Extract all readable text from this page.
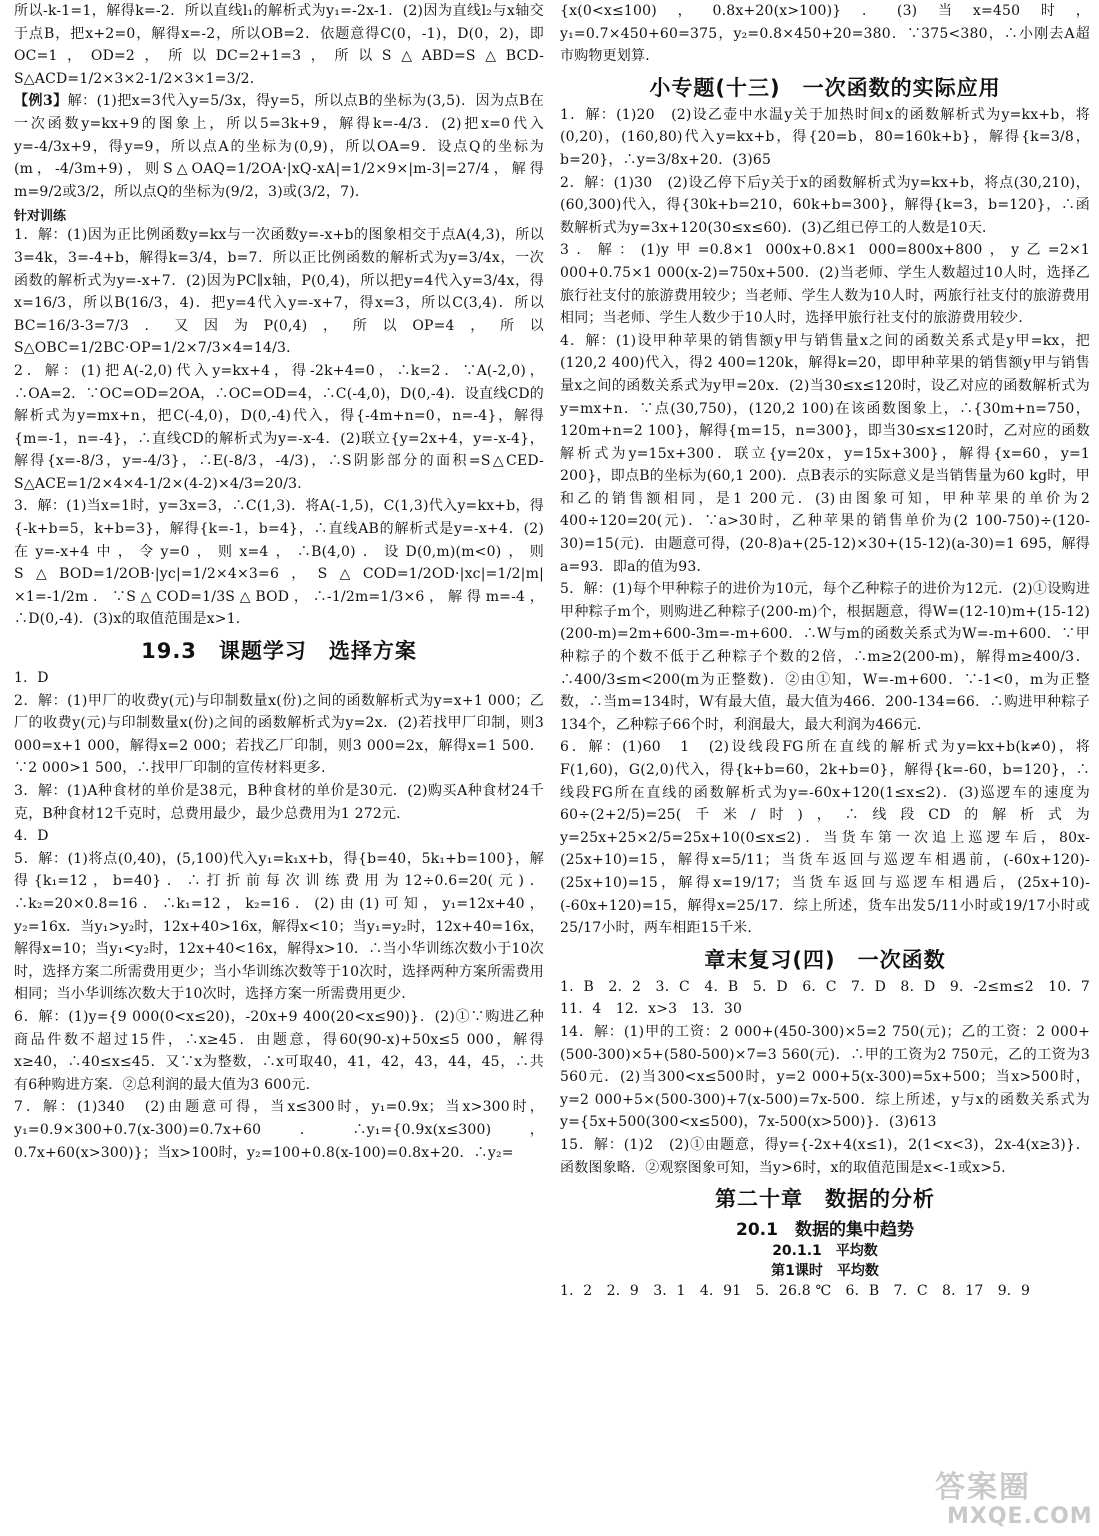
所以-k-1=1，解得k=-2．所以直线l₁的解析式为y₁=-2x-1．(2)因为直线l₂与x轴交于点B，把x+2=0，解得x=-2，所以OB=2．依题意得C(0，-1)，D(0，2)，即OC=1，OD=2，所以DC=2+1=3，所以S△ABD=S△BCD-S△ACD=1/2×3×2-1/2×3×1=3/2．

【例3】解：(1)把x=3代入y=5/3x，得y=5，所以点B的坐标为(3,5)．因为点B在一次函数y=kx+9的图象上，所以5=3k+9，解得k=-4/3．(2)把x=0代入y=-4/3x+9，得y=9，所以点A的坐标为(0,9)，所以OA=9．设点Q的坐标为(m，-4/3m+9)，则S△OAQ=1/2OA·|xQ-xA|=1/2×9×|m-3|=27/4，解得m=9/2或3/2，所以点Q的坐标为(9/2，3)或(3/2，7)．

针对训练

1．解：(1)因为正比例函数y=kx与一次函数y=-x+b的图象相交于点A(4,3)，所以3=4k，3=-4+b，解得k=3/4，b=7．所以正比例函数的解析式为y=3/4x，一次函数的解析式为y=-x+7．(2)因为PC∥x轴，P(0,4)，所以把y=4代入y=3/4x，得x=16/3，所以B(16/3，4)．把y=4代入y=-x+7，得x=3，所以C(3,4)．所以BC=16/3-3=7/3．又因为P(0,4)，所以OP=4，所以S△OBC=1/2BC·OP=1/2×7/3×4=14/3．

2．解：(1)把A(-2,0)代入y=kx+4，得-2k+4=0，∴k=2．∵A(-2,0)，∴OA=2．∵OC=OD=2OA，∴OC=OD=4，∴C(-4,0)，D(0,-4)．设直线CD的解析式为y=mx+n，把C(-4,0)，D(0,-4)代入，得{-4m+n=0，n=-4}，解得{m=-1，n=-4}，∴直线CD的解析式为y=-x-4．(2)联立{y=2x+4，y=-x-4}，解得{x=-8/3，y=-4/3}，∴E(-8/3，-4/3)，∴S阴影部分的面积=S△CED-S△ACE=1/2×4×4-1/2×(4-2)×4/3=20/3．

3．解：(1)当x=1时，y=3x=3，∴C(1,3)．将A(-1,5)，C(1,3)代入y=kx+b，得{-k+b=5，k+b=3}，解得{k=-1，b=4}，∴直线AB的解析式是y=-x+4．(2)在y=-x+4中，令y=0，则x=4，∴B(4,0)．设D(0,m)(m<0)，则S△BOD=1/2OB·|yc|=1/2×4×3=6，S△COD=1/2OD·|xc|=1/2|m|×1=-1/2m．∵S△COD=1/3S△BOD，∴-1/2m=1/3×6，解得m=-4，∴D(0,-4)．(3)x的取值范围是x>1．

19.3　课题学习　选择方案

1．D

2．解：(1)甲厂的收费y(元)与印制数量x(份)之间的函数解析式为y=x+1 000；乙厂的收费y(元)与印制数量x(份)之间的函数解析式为y=2x．(2)若找甲厂印制，则3 000=x+1 000，解得x=2 000；若找乙厂印制，则3 000=2x，解得x=1 500．∵2 000>1 500，∴找甲厂印制的宣传材料更多．

3．解：(1)A种食材的单价是38元，B种食材的单价是30元．(2)购买A种食材24千克，B种食材12千克时，总费用最少，最少总费用为1 272元．

4．D

5．解：(1)将点(0,40)，(5,100)代入y₁=k₁x+b，得{b=40，5k₁+b=100}，解得{k₁=12，b=40}．∴打折前每次训练费用为12÷0.6=20(元)．∴k₂=20×0.8=16．∴k₁=12，k₂=16．(2)由(1)可知，y₁=12x+40，y₂=16x．当y₁>y₂时，12x+40>16x，解得x<10；当y₁=y₂时，12x+40=16x，解得x=10；当y₁<y₂时，12x+40<16x，解得x>10．∴当小华训练次数小于10次时，选择方案二所需费用更少；当小华训练次数等于10次时，选择两种方案所需费用相同；当小华训练次数大于10次时，选择方案一所需费用更少．

6．解：(1)y={9 000(0<x≤20)，-20x+9 400(20<x≤90)}．(2)①∵购进乙种商品件数不超过15件，∴x≥45．由题意，得60(90-x)+50x≤5 000，解得x≥40，∴40≤x≤45．又∵x为整数，∴x可取40，41，42，43，44，45，∴共有6种购进方案．②总利润的最大值为3 600元．

7．解：(1)340　(2)由题意可得，当x≤300时，y₁=0.9x；当x>300时，y₁=0.9×300+0.7(x-300)=0.7x+60．∴y₁={0.9x(x≤300)，0.7x+60(x>300)}；当x>100时，y₂=100+0.8(x-100)=0.8x+20．∴y₂=

{x(0<x≤100)，0.8x+20(x>100)}．(3)当x=450时，y₁=0.7×450+60=375，y₂=0.8×450+20=380．∵375<380，∴小刚去A超市购物更划算．

小专题(十三)　一次函数的实际应用

1．解：(1)20　(2)设乙壶中水温y关于加热时间x的函数解析式为y=kx+b，将(0,20)，(160,80)代入y=kx+b，得{20=b，80=160k+b}，解得{k=3/8，b=20}，∴y=3/8x+20．(3)65

2．解：(1)30　(2)设乙停下后y关于x的函数解析式为y=kx+b，将点(30,210)，(60,300)代入，得{30k+b=210，60k+b=300}，解得{k=3，b=120}，∴函数解析式为y=3x+120(30≤x≤60)．(3)乙组已停工的人数是10天．

3．解：(1)y甲=0.8×1 000x+0.8×1 000=800x+800，y乙=2×1 000+0.75×1 000(x-2)=750x+500．(2)当老师、学生人数超过10人时，选择乙旅行社支付的旅游费用较少；当老师、学生人数为10人时，两旅行社支付的旅游费用相同；当老师、学生人数少于10人时，选择甲旅行社支付的旅游费用较少．

4．解：(1)设甲种苹果的销售额y甲与销售量x之间的函数关系式是y甲=kx，把(120,2 400)代入，得2 400=120k，解得k=20，即甲种苹果的销售额y甲与销售量x之间的函数关系式为y甲=20x．(2)当30≤x≤120时，设乙对应的函数解析式为y=mx+n．∵点(30,750)，(120,2 100)在该函数图象上，∴{30m+n=750，120m+n=2 100}，解得{m=15，n=300}，即当30≤x≤120时，乙对应的函数解析式为y=15x+300．联立{y=20x，y=15x+300}，解得{x=60，y=1 200}，即点B的坐标为(60,1 200)．点B表示的实际意义是当销售量为60 kg时，甲和乙的销售额相同，是1 200元．(3)由图象可知，甲种苹果的单价为2 400÷120=20(元)．∵a>30时，乙种苹果的销售单价为(2 100-750)÷(120-30)=15(元)．由题意可得，(20-8)a+(25-12)×30+(15-12)(a-30)=1 695，解得a=93．即a的值为93．

5．解：(1)每个甲种粽子的进价为10元，每个乙种粽子的进价为12元．(2)①设购进甲种粽子m个，则购进乙种粽子(200-m)个，根据题意，得W=(12-10)m+(15-12)(200-m)=2m+600-3m=-m+600．∴W与m的函数关系式为W=-m+600．∵甲种粽子的个数不低于乙种粽子个数的2倍，∴m≥2(200-m)，解得m≥400/3．∴400/3≤m<200(m为正整数)．②由①知，W=-m+600．∵-1<0，m为正整数，∴当m=134时，W有最大值，最大值为466．200-134=66．∴购进甲种粽子134个，乙种粽子66个时，利润最大，最大利润为466元．

6．解：(1)60　1　(2)设线段FG所在直线的解析式为y=kx+b(k≠0)，将F(1,60)，G(2,0)代入，得{k+b=60，2k+b=0}，解得{k=-60，b=120}，∴线段FG所在直线的函数解析式为y=-60x+120(1≤x≤2)．(3)巡逻车的速度为60÷(2+2/5)=25(千米/时)，∴线段CD的解析式为y=25x+25×2/5=25x+10(0≤x≤2)．当货车第一次追上巡逻车后，80x-(25x+10)=15，解得x=5/11；当货车返回与巡逻车相遇前，(-60x+120)-(25x+10)=15，解得x=19/17；当货车返回与巡逻车相遇后，(25x+10)-(-60x+120)=15，解得x=25/17．综上所述，货车出发5/11小时或19/17小时或25/17小时，两车相距15千米．

章末复习(四)　一次函数

1．B　2．2　3．C　4．B　5．D　6．C　7．D　8．D　9．-2≤m≤2　10．7　11．4　12．x>3　13．30

14．解：(1)甲的工资：2 000+(450-300)×5=2 750(元)；乙的工资：2 000+(500-300)×5+(580-500)×7=3 560(元)．∴甲的工资为2 750元，乙的工资为3 560元．(2)当300<x≤500时，y=2 000+5(x-300)=5x+500；当x>500时，y=2 000+5×(500-300)+7(x-500)=7x-500．综上所述，y与x的函数关系式为y={5x+500(300<x≤500)，7x-500(x>500)}．(3)613

15．解：(1)2　(2)①由题意，得y={-2x+4(x≤1)，2(1<x<3)，2x-4(x≥3)}．函数图象略．②观察图象可知，当y>6时，x的取值范围是x<-1或x>5．

第二十章　数据的分析

20.1　数据的集中趋势

20.1.1　平均数

第1课时　平均数

1．2　2．9　3．1　4．91　5．26.8 ℃　6．B　7．C　8．17　9．9

答案圈
MXQE.COM
